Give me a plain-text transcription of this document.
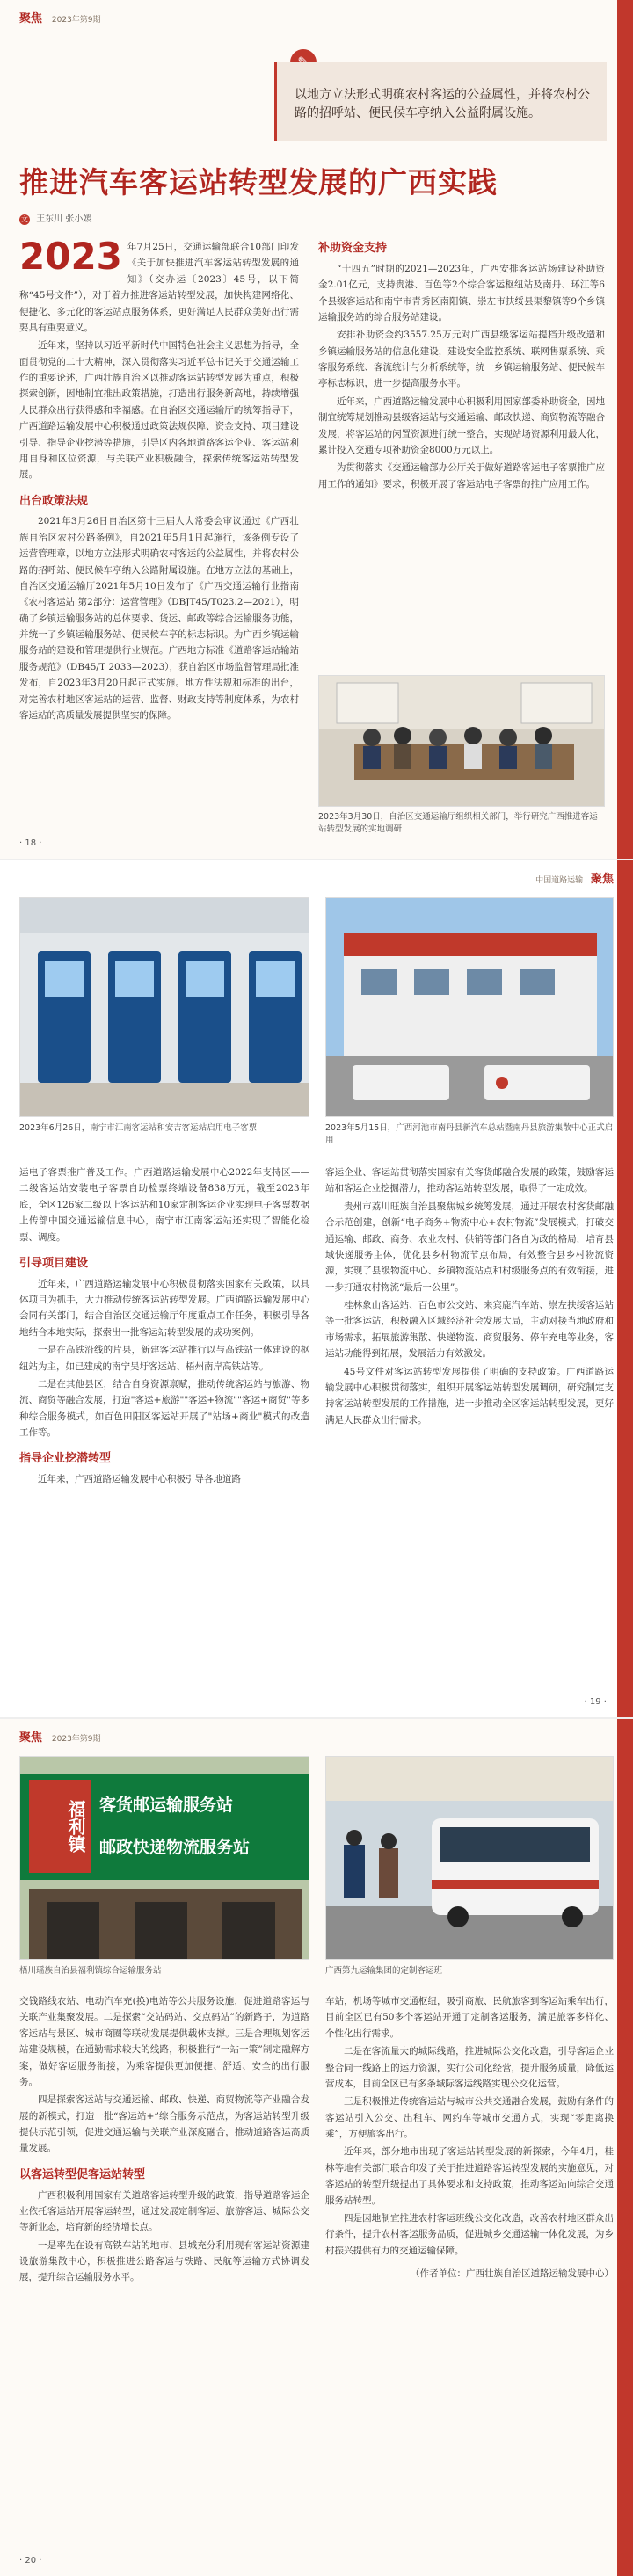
聚焦 2023年第9期
以地方立法形式明确农村客运的公益属性，并将农村公路的招呼站、便民候车亭纳入公益附属设施。
推进汽车客运站转型发展的广西实践
文 王东川 张小媛

2023 年7月25日，交通运输部联合10部门印发《关于加快推进汽车客运站转型发展的通知》（交办运〔2023〕45号，以下简称“45号文件”），对于着力推进客运站转型发展，加快构建网络化、便捷化、多元化的客运站点服务体系，更好满足人民群众美好出行需要具有重要意义。

近年来，坚持以习近平新时代中国特色社会主义思想为指导，全面贯彻党的二十大精神，深入贯彻落实习近平总书记关于交通运输工作的重要论述，广西壮族自治区以推动客运站转型发展为重点，积极探索创新，因地制宜推出政策措施，打造出行服务新高地，持续增强人民群众出行获得感和幸福感。在自治区交通运输厅的统筹指导下，广西道路运输发展中心积极通过政策法规保障、资金支持、项目建设引导、指导企业挖潜等措施，引导区内各地道路客运企业、客运站利用自身和区位资源，与关联产业积极融合，探索传统客运站转型发展。

出台政策法规

2021年3月26日自治区第十三届人大常委会审议通过《广西壮族自治区农村公路条例》，自2021年5月1日起施行，该条例专设了运营管理章，以地方立法形式明确农村客运的公益属性，并将农村公路的招呼站、便民候车亭纳入公路附属设施。在地方立法的基础上，自治区交通运输厅2021年5月10日发布了《广西交通运输行业指南《农村客运站 第2部分：运营管理》（DBJT45/T023.2—2021），明确了乡镇运输服务站的总体要求、货运、邮政等综合运输服务功能，并统一了乡镇运输服务站、便民候车亭的标志标识。为广西乡镇运输服务站的建设和管理提供行业规范。广西地方标准《道路客运站输站服务规范》（DB45/T 2033—2023），获自治区市场监督管理局批准发布，自2023年3月20日起正式实施。地方性法规和标准的出台，对完善农村地区客运站的运营、监督、财政支持等制度体系，为农村客运站的高质量发展提供坚实的保障。

补助资金支持

“十四五”时期的2021—2023年，广西安排客运站场建设补助资金2.01亿元，支持贵港、百色等2个综合客运枢纽站及南丹、环江等6个县级客运站和南宁市青秀区南阳镇、崇左市扶绥县渠黎镇等9个乡镇运输服务站的综合服务站建设。

安排补助资金约3557.25万元对广西县级客运站提档升级改造和乡镇运输服务站的信息化建设，建设安全监控系统、联网售票系统、乘客服务系统、客流统计与分析系统等，统一乡镇运输服务站、便民候车亭标志标识，进一步提高服务水平。

近年来，广西道路运输发展中心积极利用国家部委补助资金，因地制宜统筹规划推动县级客运站与交通运输、邮政快递、商贸物流等融合发展，将客运站的闲置资源进行统一整合，实现站场资源利用最大化，累计投入交通专项补助资金8000万元以上。

为贯彻落实《交通运输部办公厅关于做好道路客运电子客票推广应用工作的通知》要求，积极开展了客运站电子客票的推广应用工作。

2023年3月30日，自治区交通运输厅组织相关部门，举行研究广西推进客运站转型发展的实地调研
· 18 ·
中国道路运输 聚焦
2023年6月26日，南宁市江南客运站和安吉客运站启用电子客票	2023年5月15日，广西河池市南丹县新汽车总站暨南丹县旅游集散中心正式启用

运电子客票推广普及工作。广西道路运输发展中心2022年支持区——二级客运站安装电子客票自助检票终端设备838万元，截至2023年底，全区126家二级以上客运站和10家定制客运企业实现电子客票数据上传部中国交通运输信息中心，南宁市江南客运站还实现了智能化检票、调度。

引导项目建设

近年来，广西道路运输发展中心积极贯彻落实国家有关政策，以具体项目为抓手，大力推动传统客运站转型发展。广西道路运输发展中心会同有关部门，结合自治区交通运输厅年度重点工作任务，积极引导各地结合本地实际，探索出一批客运站转型发展的成功案例。

一是在高铁沿线的片县，新建客运站推行以与高铁站一体建设的枢纽站为主，如已建成的南宁吴圩客运站、梧州南岸高铁站等。

二是在其他县区，结合自身资源禀赋，推动传统客运站与旅游、物流、商贸等融合发展，打造"客运+旅游""客运+物流""客运+商贸"等多种综合服务模式，如百色田阳区客运站开展了"站场+商业"模式的改造工作等。

指导企业挖潜转型

近年来，广西道路运输发展中心积极引导各地道路

客运企业、客运站贯彻落实国家有关客货邮融合发展的政策，鼓励客运站和客运企业挖掘潜力，推动客运站转型发展，取得了一定成效。

贵州市荔川旺族自治县聚焦城乡统筹发展，通过开展农村客货邮融合示范创建，创新“电子商务+物流中心+农村物流”发展模式，打破交通运输、邮政、商务、农业农村、供销等部门各自为政的格局，培育县域快递服务主体，优化县乡村物流节点布局，有效整合县乡村物流资源，实现了县级物流中心、乡镇物流站点和村级服务点的有效衔接，进一步打通农村物流“最后一公里”。

桂林象山客运站、百色市公交站、来宾鹿汽车站、崇左扶绥客运站等一批客运站，积极融入区域经济社会发展大局，主动对接当地政府和市场需求，拓展旅游集散、快递物流、商贸服务、停车充电等业务，客运站功能得到拓展，发展活力有效激发。

45号文件对客运站转型发展提供了明确的支持政策。广西道路运输发展中心积极贯彻落实，组织开展客运站转型发展调研，研究制定支持客运站转型发展的工作措施，进一步推动全区客运站转型发展，更好满足人民群众出行需求。

· 19 ·
聚焦 2023年第9期
福利镇 客货邮运输服务站
邮政快递物流服务站
梧川瑶族自治县福利镇综合运输服务站	广西第九运输集团的定制客运班

交钱路线农站、电动汽车充(换)电站等公共服务设施，促进道路客运与关联产业集聚发展。二是探索“交站码站、交点码站”的新路子，为道路客运站与景区、城市商圈等联动发展提供载体支撑。三是合理规划客运站建设规模，在通勤需求较大的线路，积极推行“一站一策”制定融解方案，做好客运服务衔接，为乘客提供更加便捷、舒适、安全的出行服务。

四是探索客运站与交通运输、邮政、快递、商贸物流等产业融合发展的新模式，打造一批“客运站+”综合服务示范点，为客运站转型升级提供示范引领，促进交通运输与关联产业深度融合，推动道路客运高质量发展。

以客运转型促客运站转型

广西积极利用国家有关道路客运转型升级的政策，指导道路客运企业依托客运站开展客运转型，通过发展定制客运、旅游客运、城际公交等新业态，培育新的经济增长点。

一是率先在设有高铁车站的地市、县城充分利用现有客运站资源建设旅游集散中心，积极推进公路客运与铁路、民航等运输方式协调发展，提升综合运输服务水平。

车站，机场等城市交通枢纽，吸引商旅、民航旅客到客运站乘车出行，目前全区已有50多个客运站开通了定制客运服务，满足旅客多样化、个性化出行需求。

二是在客流量大的城际线路，推进城际公交化改造，引导客运企业整合同一线路上的运力资源，实行公司化经营，提升服务质量，降低运营成本，目前全区已有多条城际客运线路实现公交化运营。

三是积极推进传统客运站与城市公共交通融合发展，鼓励有条件的客运站引入公交、出租车、网约车等城市交通方式，实现“零距离换乘”，方便旅客出行。

近年来，部分地市出现了客运站转型发展的新探索，今年4月，桂林等地有关部门联合印发了关于推进道路客运转型发展的实施意见，对客运站的转型升级提出了具体要求和支持政策，推动客运站向综合交通服务站转型。

四是因地制宜推进农村客运班线公交化改造，改善农村地区群众出行条件，提升农村客运服务品质，促进城乡交通运输一体化发展，为乡村振兴提供有力的交通运输保障。

（作者单位：广西壮族自治区道路运输发展中心）

· 20 ·
